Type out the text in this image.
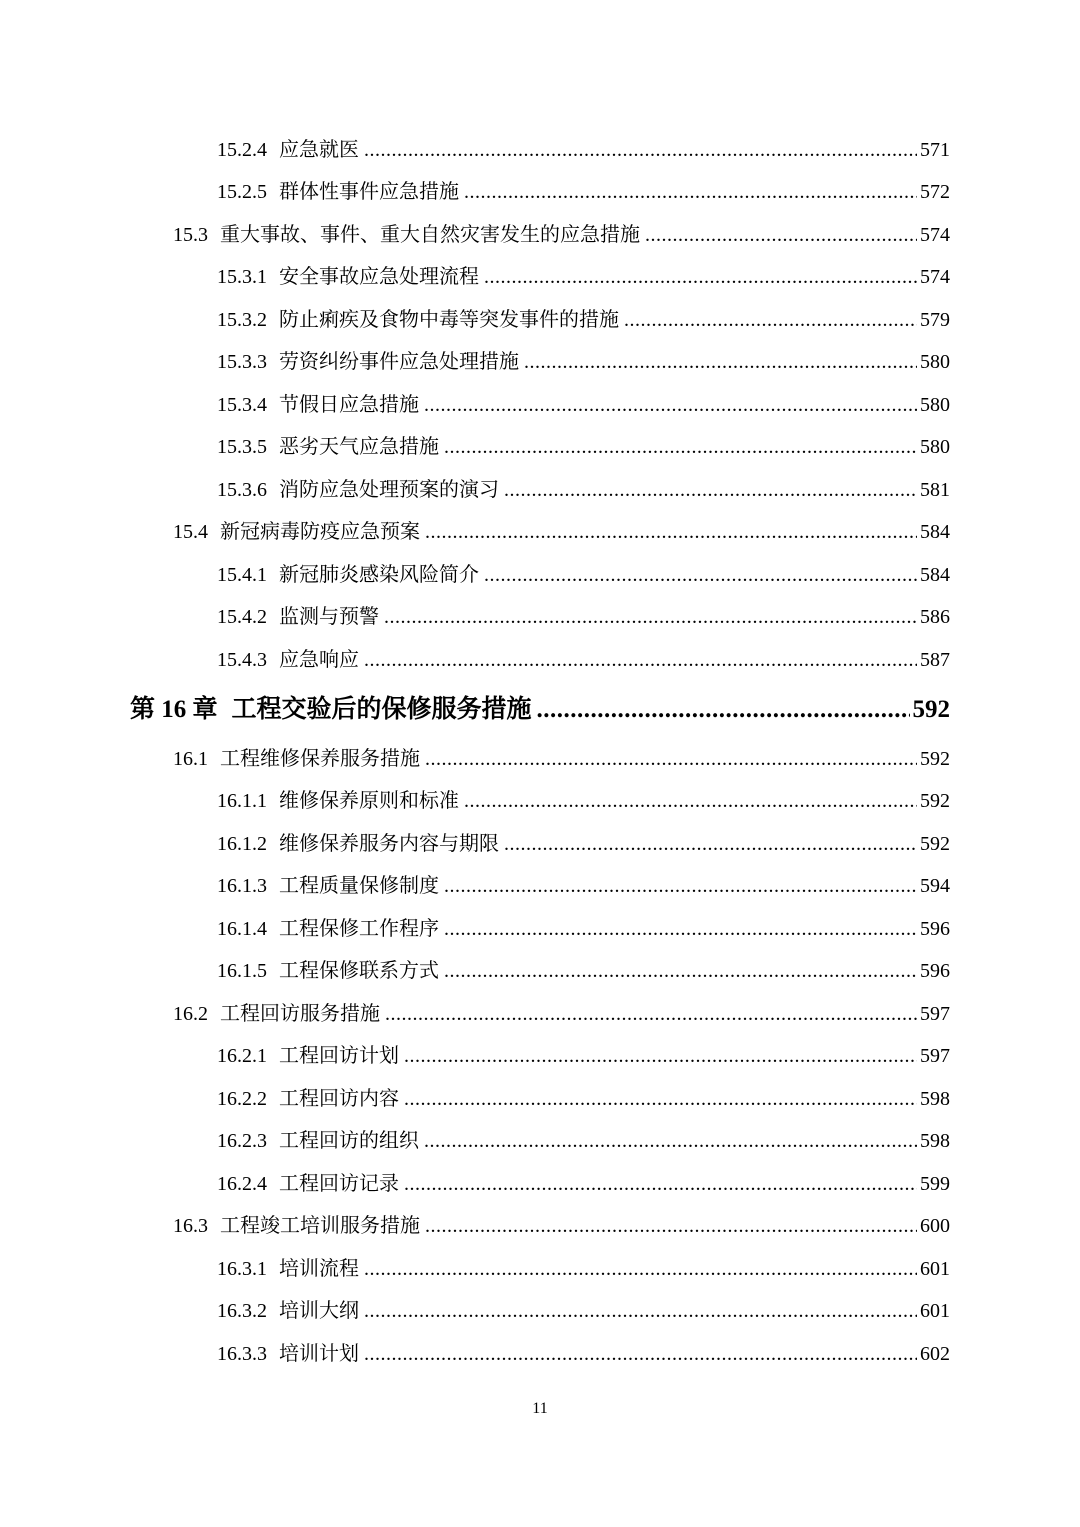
15.2.4 应急就医 .....	571
15.2.5 群体性事件应急措施 .....	572
15.3 重大事故、事件、重大自然灾害发生的应急措施 .....	574
15.3.1 安全事故应急处理流程 .....	574
15.3.2 防止痢疾及食物中毒等突发事件的措施 .....	579
15.3.3 劳资纠纷事件应急处理措施 .....	580
15.3.4 节假日应急措施 .....	580
15.3.5 恶劣天气应急措施 .....	580
15.3.6 消防应急处理预案的演习 .....	581
15.4 新冠病毒防疫应急预案 .....	584
15.4.1 新冠肺炎感染风险简介 .....	584
15.4.2 监测与预警 .....	586
15.4.3 应急响应 .....	587
第 16 章 工程交验后的保修服务措施 .....	592
16.1 工程维修保养服务措施 .....	592
16.1.1 维修保养原则和标准 .....	592
16.1.2 维修保养服务内容与期限 .....	592
16.1.3 工程质量保修制度 .....	594
16.1.4 工程保修工作程序 .....	596
16.1.5 工程保修联系方式 .....	596
16.2 工程回访服务措施 .....	597
16.2.1 工程回访计划 .....	597
16.2.2 工程回访内容 .....	598
16.2.3 工程回访的组织 .....	598
16.2.4 工程回访记录 .....	599
16.3 工程竣工培训服务措施 .....	600
16.3.1 培训流程 .....	601
16.3.2 培训大纲 .....	601
16.3.3 培训计划 .....	602
11
